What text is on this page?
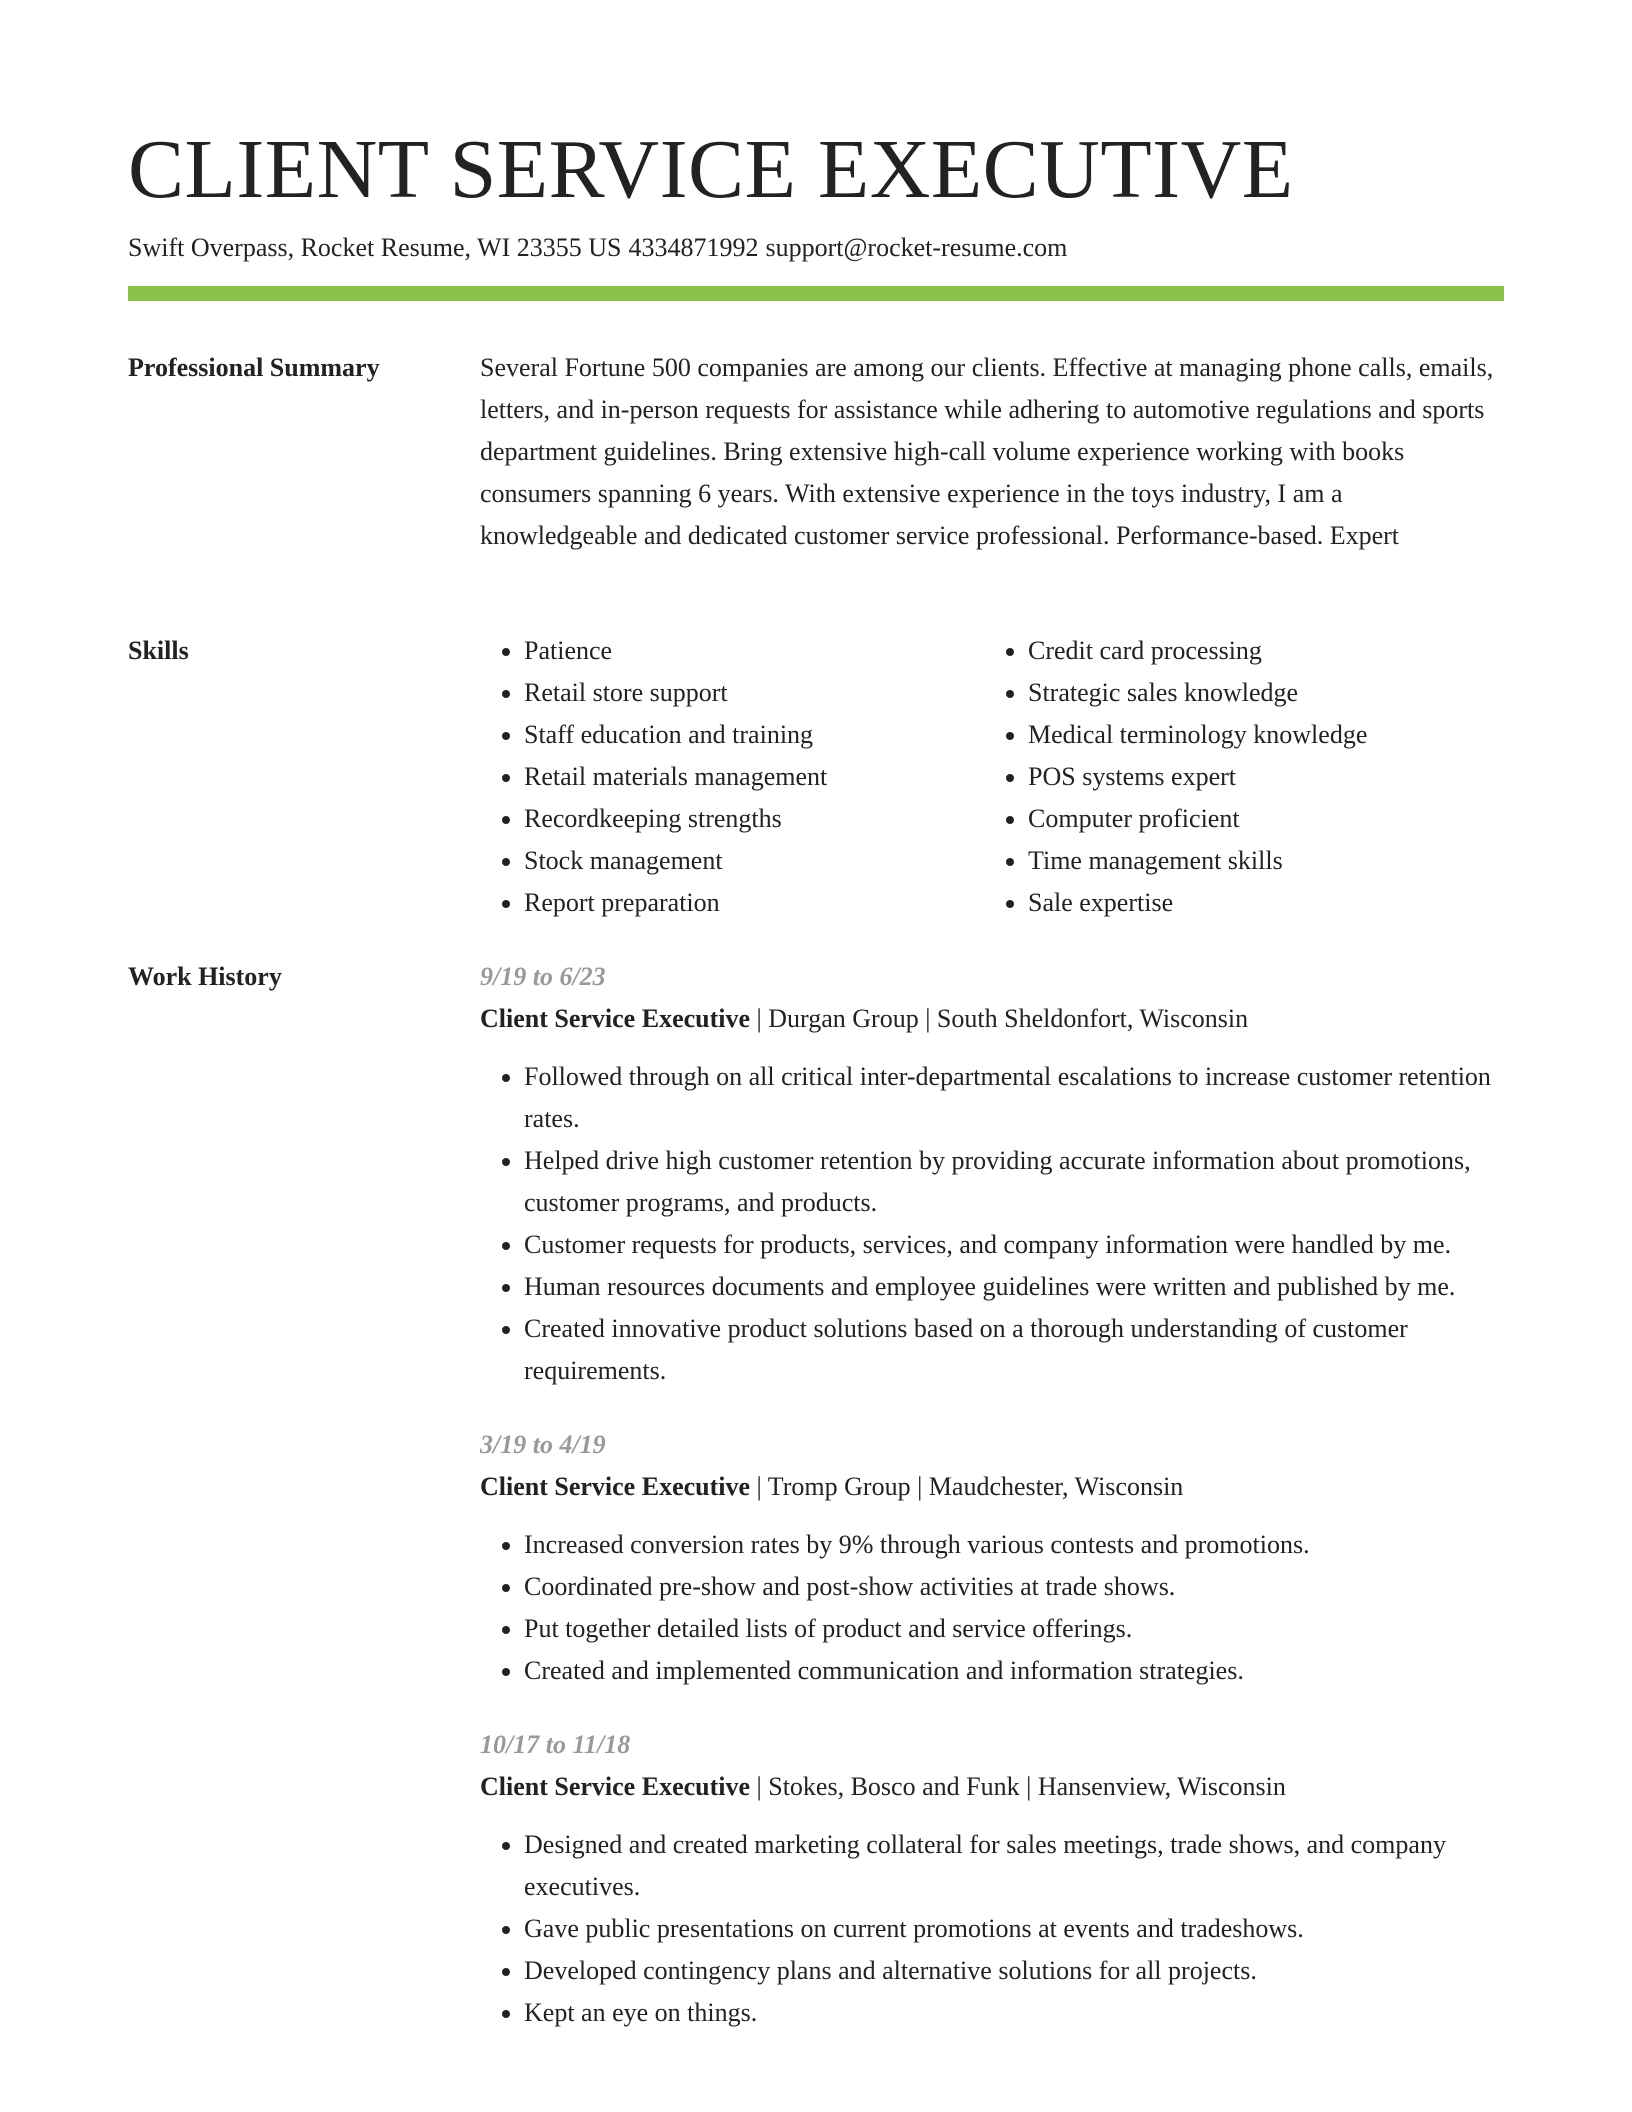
CLIENT SERVICE EXECUTIVE
Swift Overpass, Rocket Resume, WI 23355 US 4334871992 support@rocket-resume.com
Professional Summary	Several Fortune 500 companies are among our clients. Effective at managing phone calls, emails, letters, and in-person requests for assistance while adhering to automotive regulations and sports department guidelines. Bring extensive high-call volume experience working with books consumers spanning 6 years. With extensive experience in the toys industry, I am a knowledgeable and dedicated customer service professional. Performance-based. Expert

Skills
•	Patience
• Retail store support
• Staff education and training
• Retail materials management
• Recordkeeping strengths
• Stock management
• Report preparation
• Credit card processing
• Strategic sales knowledge
• Medical terminology knowledge
• POS systems expert
• Computer proficient
• Time management skills
• Sale expertise
Work History	9/19 to 6/23
Client Service Executive | Durgan Group | South Sheldonfort, Wisconsin
• Followed through on all critical inter-departmental escalations to increase customer retention rates.
• Helped drive high customer retention by providing accurate information about promotions, customer programs, and products.
• Customer requests for products, services, and company information were handled by me.
• Human resources documents and employee guidelines were written and published by me.
• Created innovative product solutions based on a thorough understanding of customer requirements.
3/19 to 4/19
Client Service Executive | Tromp Group | Maudchester, Wisconsin
• Increased conversion rates by 9% through various contests and promotions.
• Coordinated pre-show and post-show activities at trade shows.
• Put together detailed lists of product and service offerings.
• Created and implemented communication and information strategies.
10/17 to 11/18
Client Service Executive | Stokes, Bosco and Funk | Hansenview, Wisconsin
• Designed and created marketing collateral for sales meetings, trade shows, and company executives.
• Gave public presentations on current promotions at events and tradeshows.
• Developed contingency plans and alternative solutions for all projects.
• Kept an eye on things.
